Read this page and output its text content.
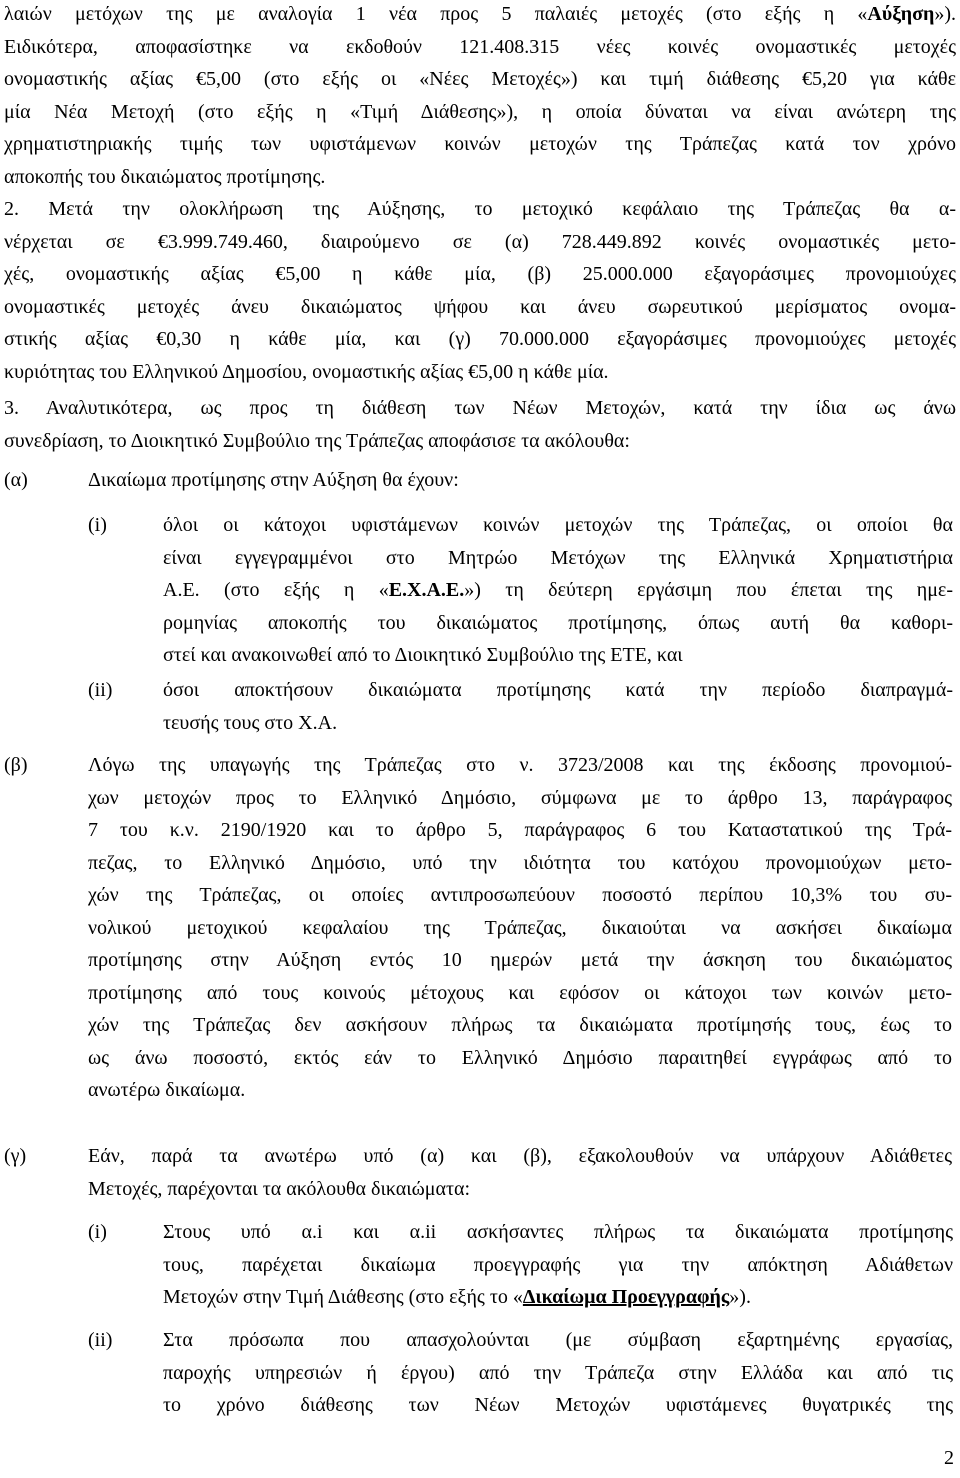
λαιών μετόχων της με αναλογία 1 νέα προς 5 παλαιές μετοχές (στο εξής η «Αύξηση»).
Ειδικότερα, αποφασίστηκε να εκδοθούν 121.408.315 νέες κοινές ονομαστικές μετοχές
ονομαστικής αξίας €5,00 (στο εξής οι «Νέες Μετοχές») και τιμή διάθεσης €5,20 για κάθε
μία Νέα Μετοχή (στο εξής η «Τιμή Διάθεσης»), η οποία δύναται να είναι ανώτερη της
χρηματιστηριακής τιμής των υφιστάμενων κοινών μετοχών της Τράπεζας κατά τον χρόνο
αποκοπής του δικαιώματος προτίμησης.
2. Μετά την ολοκλήρωση της Αύξησης, το μετοχικό κεφάλαιο της Τράπεζας θα α-
νέρχεται σε €3.999.749.460, διαιρούμενο σε (α) 728.449.892 κοινές ονομαστικές μετο-
χές, ονομαστικής αξίας €5,00 η κάθε μία, (β) 25.000.000 εξαγοράσιμες προνομιούχες
ονομαστικές μετοχές άνευ δικαιώματος ψήφου και άνευ σωρευτικού μερίσματος ονομα-
στικής αξίας €0,30 η κάθε μία, και (γ) 70.000.000 εξαγοράσιμες προνομιούχες μετοχές
κυριότητας του Ελληνικού Δημοσίου, ονομαστικής αξίας €5,00 η κάθε μία.
3. Αναλυτικότερα, ως προς τη διάθεση των Νέων Μετοχών, κατά την ίδια ως άνω
συνεδρίαση, το Διοικητικό Συμβούλιο της Τράπεζας αποφάσισε τα ακόλουθα:
(α)	Δικαίωμα προτίμησης στην Αύξηση θα έχουν:
(i)	όλοι οι κάτοχοι υφιστάμενων κοινών μετοχών της Τράπεζας, οι οποίοι θα
είναι εγγεγραμμένοι στο Μητρώο Μετόχων της Ελληνικά Χρηματιστήρια
Α.Ε. (στο εξής η «Ε.Χ.Α.Ε.») τη δεύτερη εργάσιμη που έπεται της ημε-
ρομηνίας αποκοπής του δικαιώματος προτίμησης, όπως αυτή θα καθορι-
στεί και ανακοινωθεί από το Διοικητικό Συμβούλιο της ΕΤΕ, και
(ii)	όσοι αποκτήσουν δικαιώματα προτίμησης κατά την περίοδο διαπραγμά-
τευσής τους στο Χ.Α.
(β)	Λόγω της υπαγωγής της Τράπεζας στο ν. 3723/2008 και της έκδοσης προνομιού-
χων μετοχών προς το Ελληνικό Δημόσιο, σύμφωνα με το άρθρο 13, παράγραφος
7 του κ.ν. 2190/1920 και το άρθρο 5, παράγραφος 6 του Καταστατικού της Τρά-
πεζας, το Ελληνικό Δημόσιο, υπό την ιδιότητα του κατόχου προνομιούχων μετο-
χών της Τράπεζας, οι οποίες αντιπροσωπεύουν ποσοστό περίπου 10,3% του συ-
νολικού μετοχικού κεφαλαίου της Τράπεζας, δικαιούται να ασκήσει δικαίωμα
προτίμησης στην Αύξηση εντός 10 ημερών μετά την άσκηση του δικαιώματος
προτίμησης από τους κοινούς μέτοχους και εφόσον οι κάτοχοι των κοινών μετο-
χών της Τράπεζας δεν ασκήσουν πλήρως τα δικαιώματα προτίμησής τους, έως το
ως άνω ποσοστό, εκτός εάν το Ελληνικό Δημόσιο παραιτηθεί εγγράφως από το
ανωτέρω δικαίωμα.
(γ)	Εάν, παρά τα ανωτέρω υπό (α) και (β), εξακολουθούν να υπάρχουν Αδιάθετες
Μετοχές, παρέχονται τα ακόλουθα δικαιώματα:
(i)	Στους υπό α.i και α.ii ασκήσαντες πλήρως τα δικαιώματα προτίμησης
τους, παρέχεται δικαίωμα προεγγραφής για την απόκτηση Αδιάθετων
Μετοχών στην Τιμή Διάθεσης (στο εξής το «Δικαίωμα Προεγγραφής»).
(ii)	Στα πρόσωπα που απασχολούνται (με σύμβαση εξαρτημένης εργασίας,
παροχής υπηρεσιών ή έργου) από την Τράπεζα στην Ελλάδα και από τις
το χρόνο διάθεσης των Νέων Μετοχών υφιστάμενες θυγατρικές της
2
